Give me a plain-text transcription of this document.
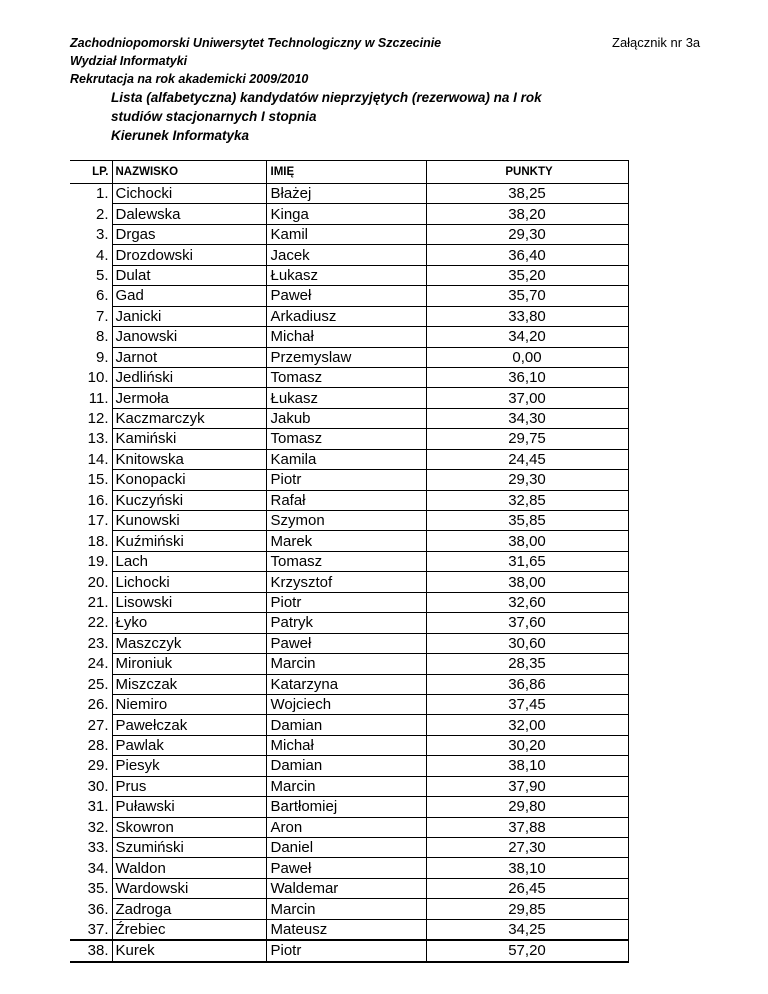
Zachodniopomorski Uniwersytet Technologiczny w Szczecinie
Wydział Informatyki
Rekrutacja na rok akademicki 2009/2010
Załącznik nr 3a
Lista (alfabetyczna) kandydatów nieprzyjętych (rezerwowa) na I rok
studiów stacjonarnych I stopnia
Kierunek Informatyka
LP.	NAZWISKO	IMIĘ	PUNKTY
1.	Cichocki	Błażej	38,25
2.	Dalewska	Kinga	38,20
3.	Drgas	Kamil	29,30
4.	Drozdowski	Jacek	36,40
5.	Dulat	Łukasz	35,20
6.	Gad	Paweł	35,70
7.	Janicki	Arkadiusz	33,80
8.	Janowski	Michał	34,20
9.	Jarnot	Przemyslaw	0,00
10.	Jedliński	Tomasz	36,10
11.	Jermoła	Łukasz	37,00
12.	Kaczmarczyk	Jakub	34,30
13.	Kamiński	Tomasz	29,75
14.	Knitowska	Kamila	24,45
15.	Konopacki	Piotr	29,30
16.	Kuczyński	Rafał	32,85
17.	Kunowski	Szymon	35,85
18.	Kuźmiński	Marek	38,00
19.	Lach	Tomasz	31,65
20.	Lichocki	Krzysztof	38,00
21.	Lisowski	Piotr	32,60
22.	Łyko	Patryk	37,60
23.	Maszczyk	Paweł	30,60
24.	Mironiuk	Marcin	28,35
25.	Miszczak	Katarzyna	36,86
26.	Niemiro	Wojciech	37,45
27.	Pawełczak	Damian	32,00
28.	Pawlak	Michał	30,20
29.	Piesyk	Damian	38,10
30.	Prus	Marcin	37,90
31.	Puławski	Bartłomiej	29,80
32.	Skowron	Aron	37,88
33.	Szumiński	Daniel	27,30
34.	Waldon	Paweł	38,10
35.	Wardowski	Waldemar	26,45
36.	Zadroga	Marcin	29,85
37.	Źrebiec	Mateusz	34,25
38.	Kurek	Piotr	57,20
